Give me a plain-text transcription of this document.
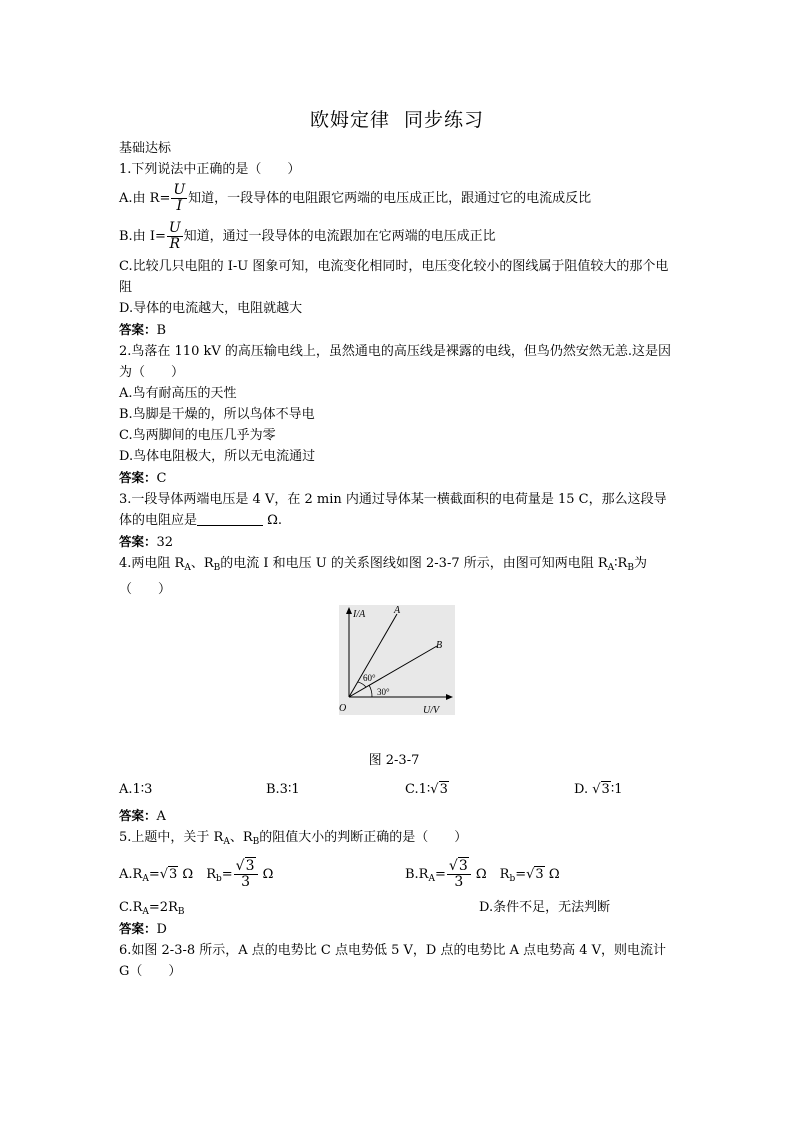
欧姆定律 同步练习
基础达标
1.下列说法中正确的是（　　）
A.由 $R= \frac{U}{I}$ 知道，一段导体的电阻跟它两端的电压成正比，跟通过它的电流成反比
B.由 $I= \frac{U}{R}$ 知道，通过一段导体的电流跟加在它两端的电压成正比
C.比较几只电阻的 I-U 图象可知，电流变化相同时，电压变化较小的图线属于阻值较大的那个电阻
D.导体的电流越大，电阻就越大
答案：B
2.鸟落在 110 kV 的高压输电线上，虽然通电的高压线是裸露的电线，但鸟仍然安然无恙.这是因为（　　）
A.鸟有耐高压的天性
B.鸟脚是干燥的，所以鸟体不导电
C.鸟两脚间的电压几乎为零
D.鸟体电阻极大，所以无电流通过
答案：C
3.一段导体两端电压是 4 V，在 2 min 内通过导体某一横截面积的电荷量是 15 C，那么这段导体的电阻应是	Ω.
答案：32
4.两电阻 $R_A$、$R_B$的电流 I 和电压 U 的关系图线如图 2-3-7 所示，由图可知两电阻 $R_A∶R_B$为（　　）
I/A
U/V
O
A
B
60°
30°
图 2-3-7
A.1∶3	B.3∶1	C.1∶√3	D. √3∶1
答案：A
5.上题中，关于 $R_A$、$R_B$的阻值大小的判断正确的是（　　）
$A.R_A=√3$ Ω　$R_b= \frac{√3}{3}$ Ω	$B.R_A= \frac{√3}{3}$ Ω　$R_b=√3$ Ω
$C.R_A=2R_B$	D.条件不足，无法判断
答案：D
6.如图 2-3-8 所示，A 点的电势比 C 点电势低 5 V，D 点的电势比 A 点电势高 4 V，则电流计 G（　　）
